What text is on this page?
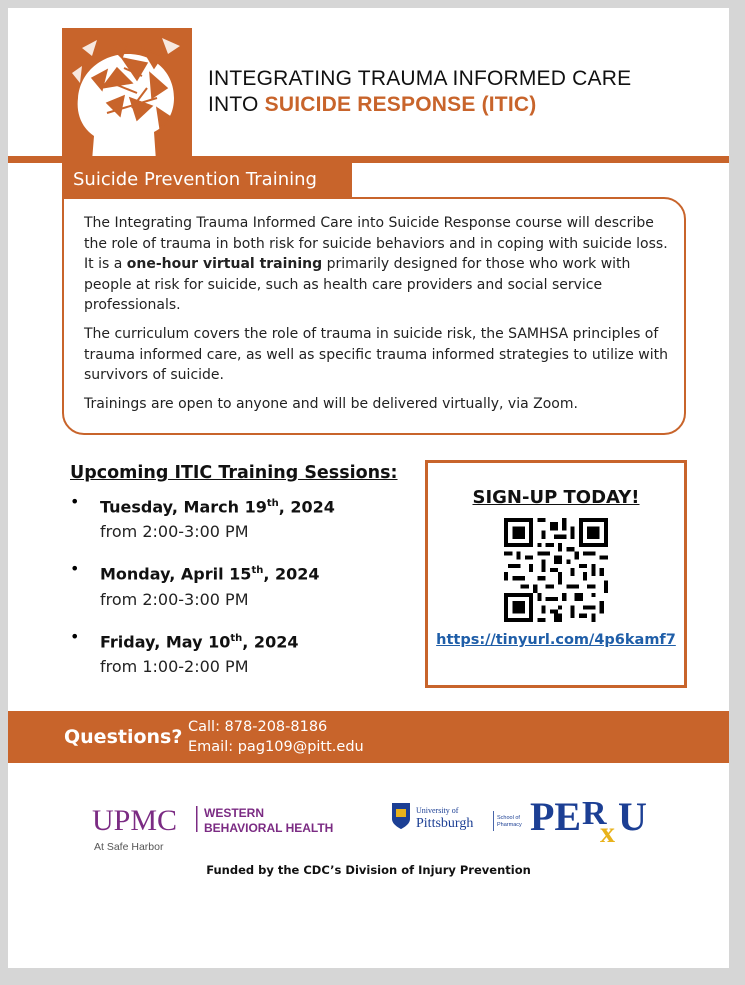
INTEGRATING TRAUMA INFORMED CARE
INTO SUICIDE RESPONSE (ITIC)
Suicide Prevention Training

The Integrating Trauma Informed Care into Suicide Response course will describe the role of trauma in both risk for suicide behaviors and in coping with suicide loss. It is a one-hour virtual training primarily designed for those who work with people at risk for suicide, such as health care providers and social service professionals.

The curriculum covers the role of trauma in suicide risk, the SAMHSA principles of trauma informed care, as well as specific trauma informed strategies to utilize with survivors of suicide.

Trainings are open to anyone and will be delivered virtually, via Zoom.

Upcoming ITIC Training Sessions:
• Tuesday, March 19th, 2024
from 2:00-3:00 PM
• Monday, April 15th, 2024
from 2:00-3:00 PM
• Friday, May 10th, 2024
from 1:00-2:00 PM
SIGN-UP TODAY!
https://tinyurl.com/4p6kamf7
Questions? Call: 878-208-8186
Email: pag109@pitt.edu
UPMC WESTERN
BEHAVIORAL HEALTH
At Safe Harbor
University of
Pittsburgh	School of
Pharmacy PE R
x U
Funded by the CDC’s Division of Injury Prevention
